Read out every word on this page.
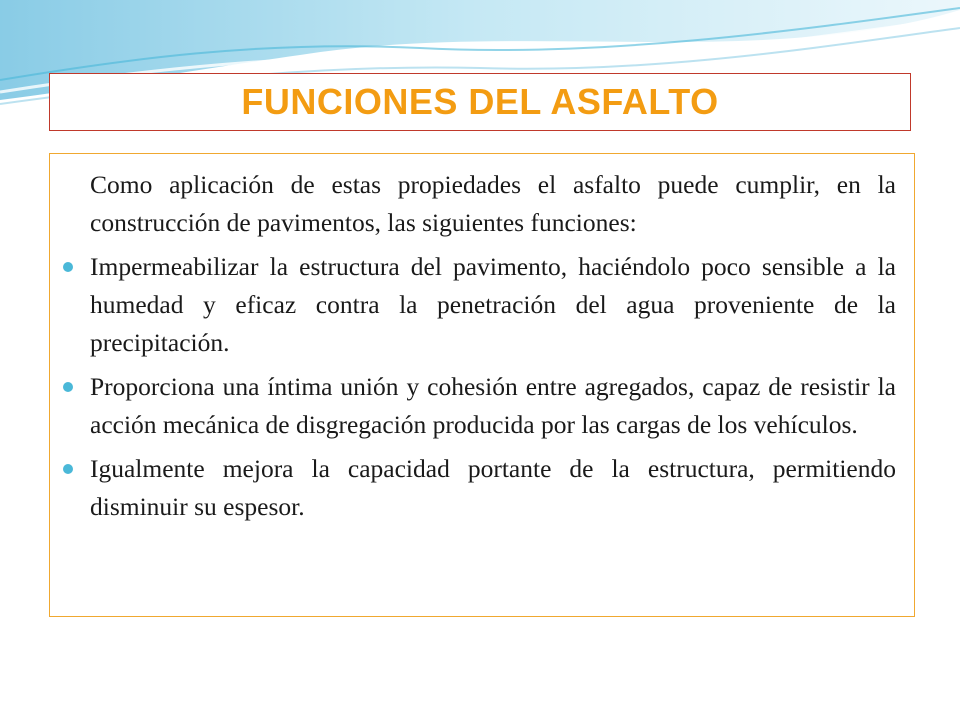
FUNCIONES DEL ASFALTO

Como aplicación de estas propiedades el asfalto puede cumplir, en la construcción de pavimentos, las siguientes funciones:

Impermeabilizar la estructura del pavimento, haciéndolo poco sensible a la humedad y eficaz contra la penetración del agua proveniente de la precipitación.

Proporciona una íntima unión y cohesión entre agregados, capaz de resistir la acción mecánica de disgregación producida por las cargas de los vehículos.

Igualmente mejora la capacidad portante de la estructura, permitiendo disminuir su espesor.
